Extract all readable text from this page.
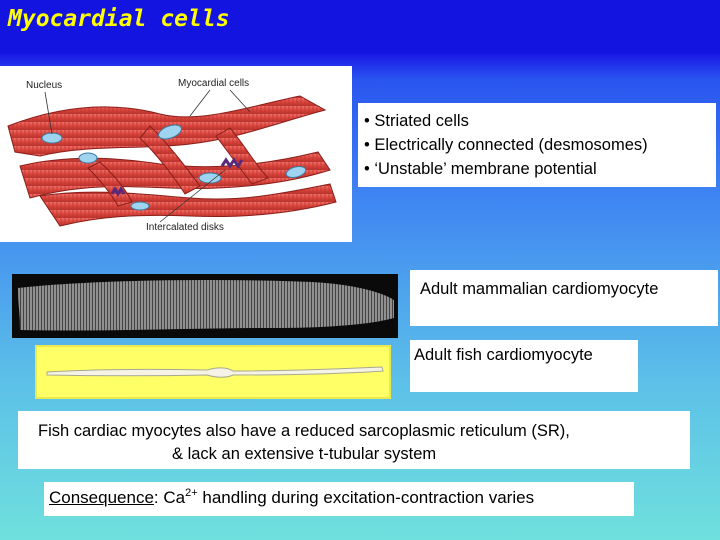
Myocardial cells
Nucleus	Myocardial cells
Intercalated disks
• Striated cells
• Electrically connected (desmosomes)
• ‘Unstable’ membrane potential
Adult mammalian cardiomyocyte
Adult fish cardiomyocyte
Fish cardiac myocytes also have a reduced sarcoplasmic reticulum (SR),
& lack an extensive t-tubular system
Consequence: $Ca^{2+}$ handling during excitation-contraction varies
